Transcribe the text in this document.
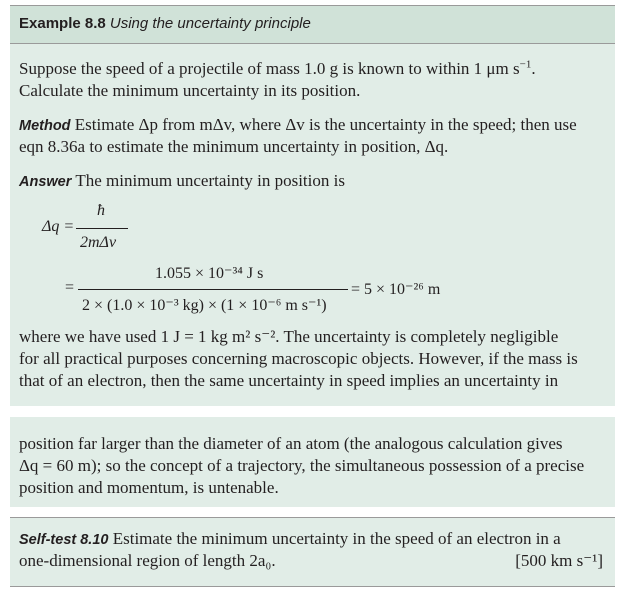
Example 8.8 Using the uncertainty principle
Suppose the speed of a projectile of mass 1.0 g is known to within 1 μm $s^{-1}$.
Calculate the minimum uncertainty in its position.
Method Estimate Δp from mΔv, where Δv is the uncertainty in the speed; then use
eqn 8.36a to estimate the minimum uncertainty in position, Δq.
Answer The minimum uncertainty in position is
Δq =
ħ
2mΔv
=
1.055 × 10⁻³⁴ J s
2 × (1.0 × 10⁻³ kg) × (1 × 10⁻⁶ m s⁻¹)
= 5 × 10⁻²⁶ m
where we have used 1 J = 1 kg m² s⁻². The uncertainty is completely negligible
for all practical purposes concerning macroscopic objects. However, if the mass is
that of an electron, then the same uncertainty in speed implies an uncertainty in
position far larger than the diameter of an atom (the analogous calculation gives
Δq = 60 m); so the concept of a trajectory, the simultaneous possession of a precise
position and momentum, is untenable.
Self-test 8.10 Estimate the minimum uncertainty in the speed of an electron in a
one-dimensional region of length 2a₀.	[500 km s⁻¹]
